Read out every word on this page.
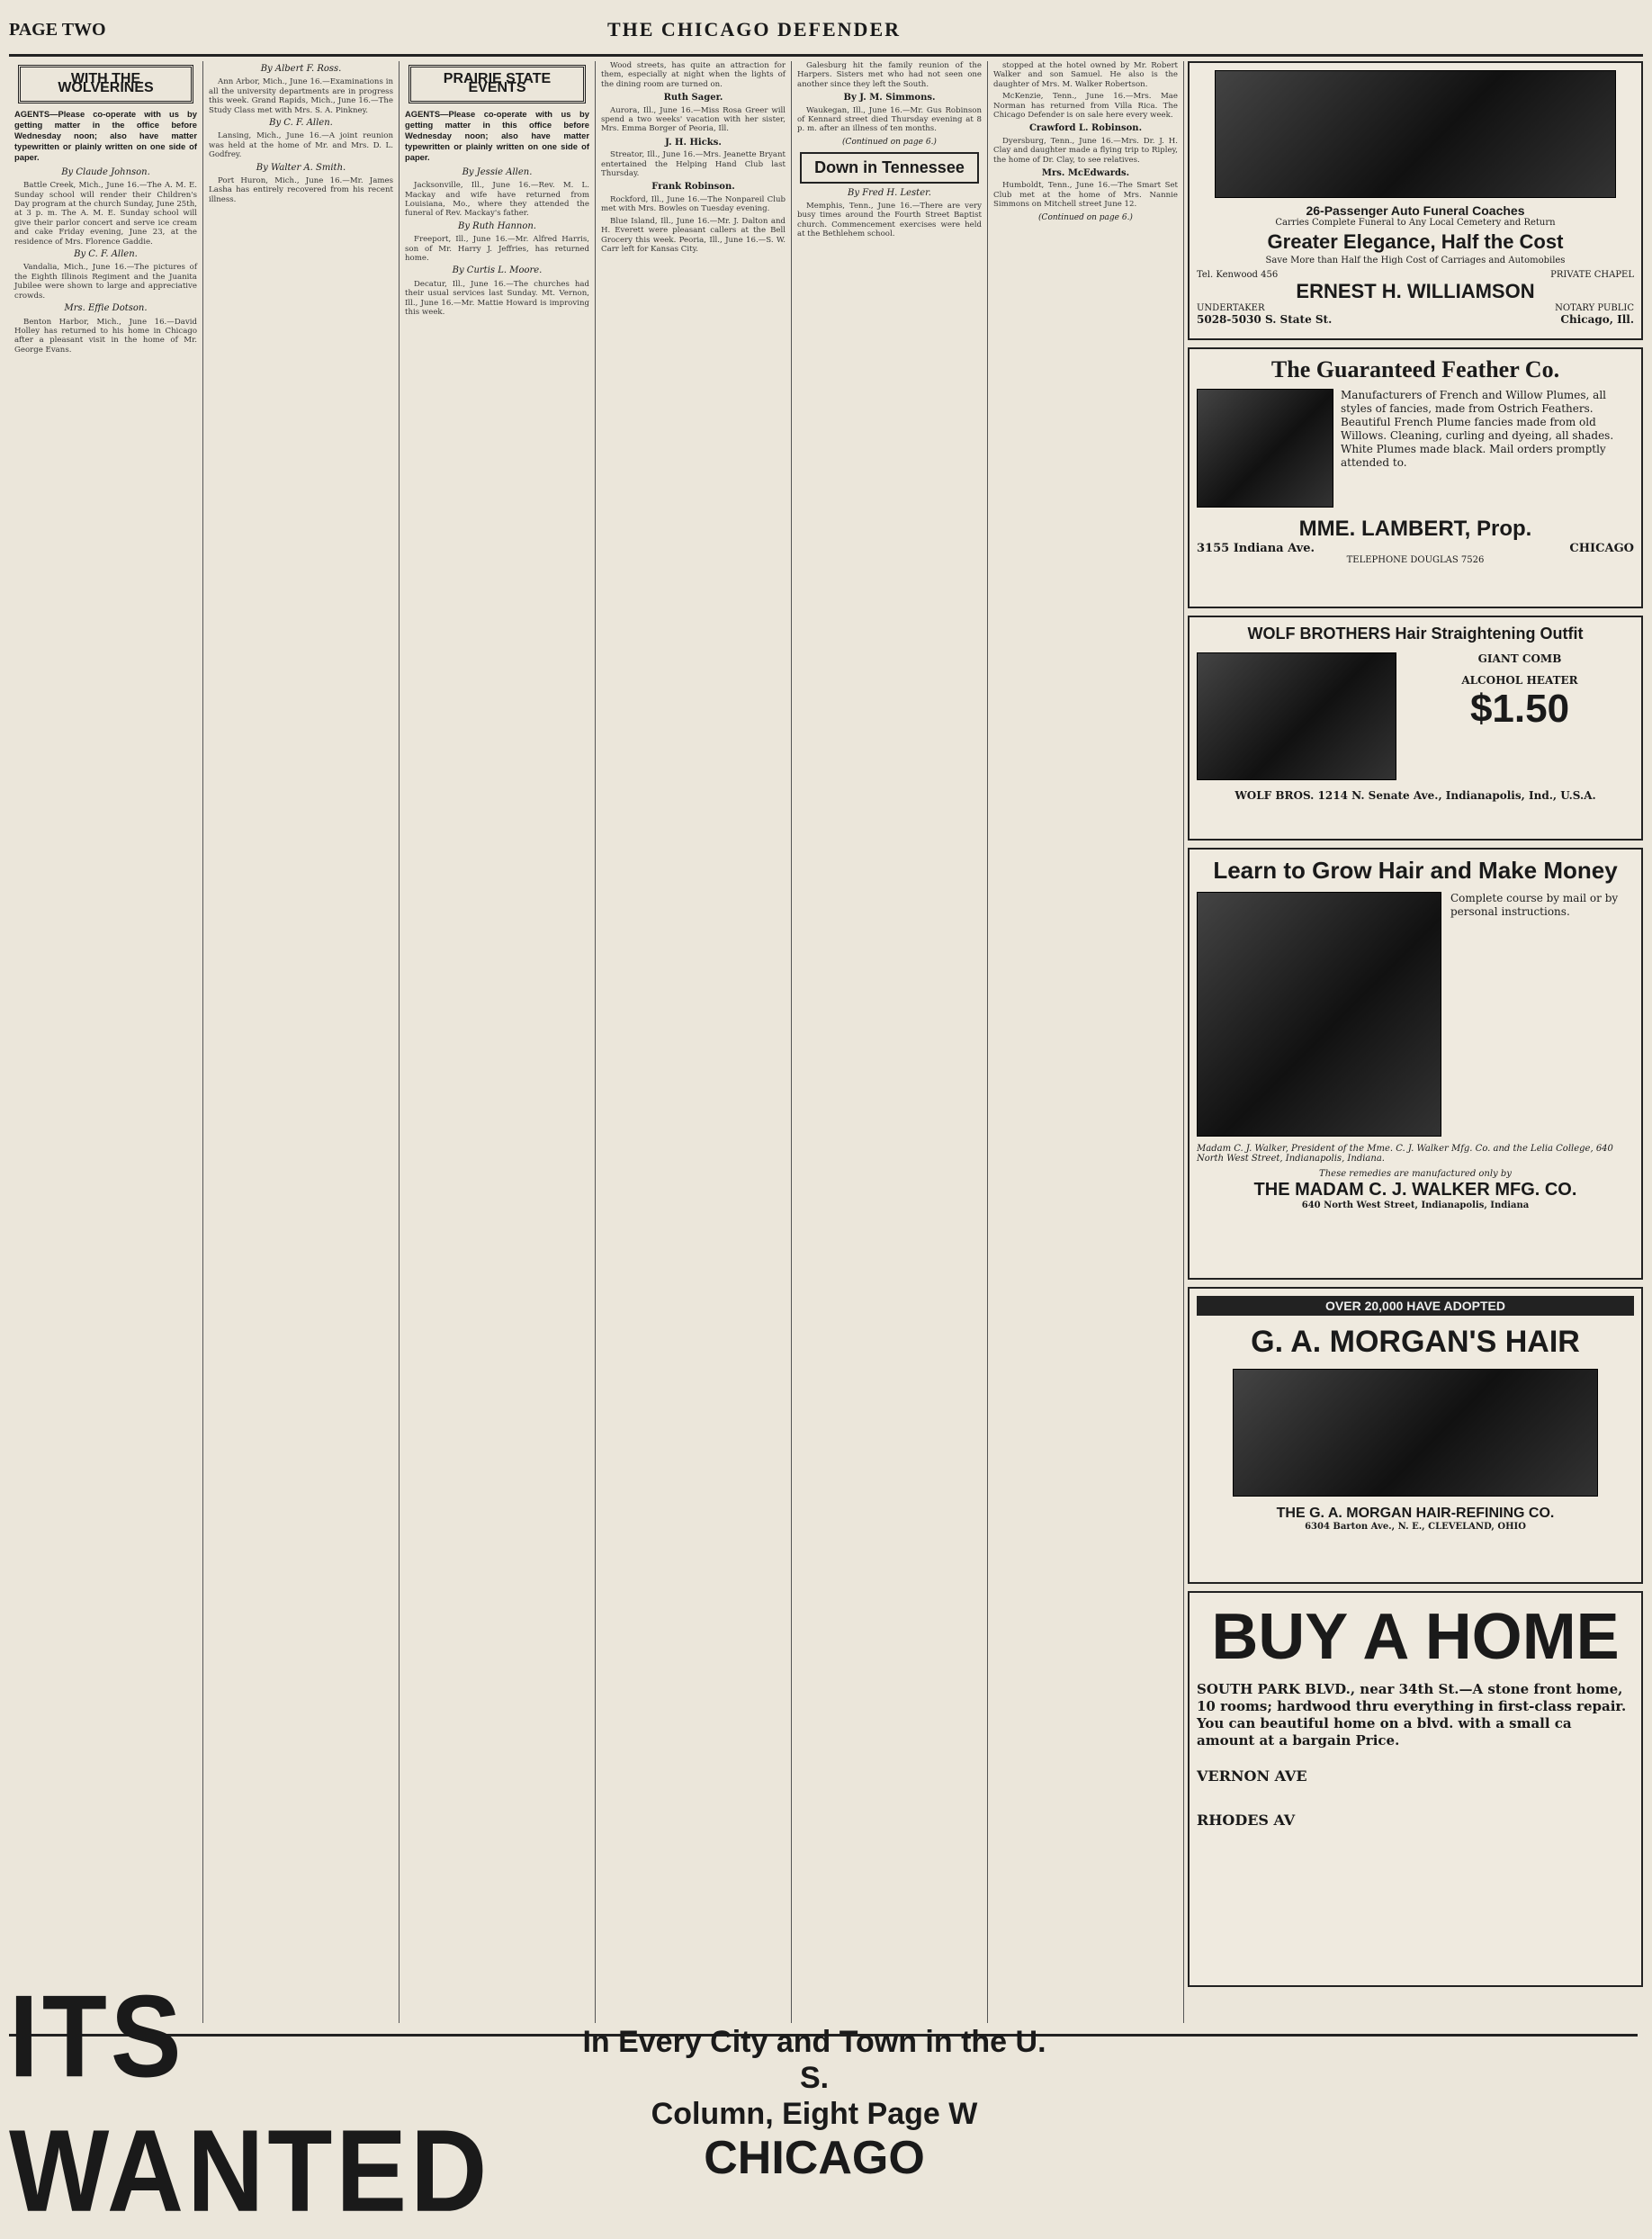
PAGE TWO	THE CHICAGO DEFENDER
WITH THE WOLVERINES
AGENTS—Please co-operate with us by getting matter in the office before Wednesday noon; also have matter typewritten or plainly written on one side of paper.
By Claude Johnson.

Battle Creek, Mich., June 16.—The A. M. E. Sunday school will render their Children's Day program at the church Sunday, June 25th, at 3 p. m. The A. M. E. Sunday school will give their parlor concert and serve ice cream and cake Friday evening, June 23, at the residence of Mrs. Florence Gaddie.

By C. F. Allen.

Vandalia, Mich., June 16.—The pictures of the Eighth Illinois Regiment and the Juanita Jubilee were shown to large and appreciative crowds.

Mrs. Effie Dotson.

Benton Harbor, Mich., June 16.—David Holley has returned to his home in Chicago after a pleasant visit in the home of Mr. George Evans.

By Albert F. Ross.

Ann Arbor, Mich., June 16.—Examinations in all the university departments are in progress this week. Grand Rapids, Mich., June 16.—The Study Class met with Mrs. S. A. Pinkney.

By C. F. Allen.

Lansing, Mich., June 16.—A joint reunion was held at the home of Mr. and Mrs. D. L. Godfrey.

By Walter A. Smith.

Port Huron, Mich., June 16.—Mr. James Lasha has entirely recovered from his recent illness.

PRAIRIE STATE EVENTS
AGENTS—Please co-operate with us by getting matter in this office before Wednesday noon; also have matter typewritten or plainly written on one side of paper.
By Jessie Allen.

Jacksonville, Ill., June 16.—Rev. M. L. Mackay and wife have returned from Louisiana, Mo., where they attended the funeral of Rev. Mackay's father.

By Ruth Hannon.

Freeport, Ill., June 16.—Mr. Alfred Harris, son of Mr. Harry J. Jeffries, has returned home.

By Curtis L. Moore.

Decatur, Ill., June 16.—The churches had their usual services last Sunday. Mt. Vernon, Ill., June 16.—Mr. Mattie Howard is improving this week.

Wood streets, has quite an attraction for them, especially at night when the lights of the dining room are turned on.

Ruth Sager.

Aurora, Ill., June 16.—Miss Rosa Greer will spend a two weeks' vacation with her sister, Mrs. Emma Borger of Peoria, Ill.

J. H. Hicks.

Streator, Ill., June 16.—Mrs. Jeanette Bryant entertained the Helping Hand Club last Thursday.

Frank Robinson.

Rockford, Ill., June 16.—The Nonpareil Club met with Mrs. Bowles on Tuesday evening.

Blue Island, Ill., June 16.—Mr. J. Dalton and H. Everett were pleasant callers at the Bell Grocery this week. Peoria, Ill., June 16.—S. W. Carr left for Kansas City.

Galesburg hit the family reunion of the Harpers. Sisters met who had not seen one another since they left the South.

By J. M. Simmons.

Waukegan, Ill., June 16.—Mr. Gus Robinson of Kennard street died Thursday evening at 8 p. m. after an illness of ten months.

(Continued on page 6.)
Down in Tennessee
By Fred H. Lester.

Memphis, Tenn., June 16.—There are very busy times around the Fourth Street Baptist church. Commencement exercises were held at the Bethlehem school.

stopped at the hotel owned by Mr. Robert Walker and son Samuel. He also is the daughter of Mrs. M. Walker Robertson.

McKenzie, Tenn., June 16.—Mrs. Mae Norman has returned from Villa Rica. The Chicago Defender is on sale here every week.

Crawford L. Robinson.

Dyersburg, Tenn., June 16.—Mrs. Dr. J. H. Clay and daughter made a flying trip to Ripley, the home of Dr. Clay, to see relatives.

Mrs. McEdwards.

Humboldt, Tenn., June 16.—The Smart Set Club met at the home of Mrs. Nannie Simmons on Mitchell street June 12.

(Continued on page 6.)	26-Passenger Auto Funeral Coaches
Carries Complete Funeral to Any Local Cemetery and Return
Greater Elegance, Half the Cost
Save More than Half the High Cost of Carriages and Automobiles
Tel. Kenwood 456	PRIVATE CHAPEL
ERNEST H. WILLIAMSON
UNDERTAKER	NOTARY PUBLIC
5028-5030 S. State St.	Chicago, Ill.
The Guaranteed Feather Co.
Manufacturers of French and Willow Plumes, all styles of fancies, made from Ostrich Feathers. Beautiful French Plume fancies made from old Willows. Cleaning, curling and dyeing, all shades. White Plumes made black. Mail orders promptly attended to.
MME. LAMBERT, Prop.
3155 Indiana Ave.	CHICAGO
TELEPHONE DOUGLAS 7526
WOLF BROTHERS Hair Straightening Outfit
GIANT COMB
ALCOHOL HEATER
$1.50
WOLF BROS. 1214 N. Senate Ave., Indianapolis, Ind., U.S.A.
Learn to Grow Hair and Make Money
Complete course by mail or by personal instructions.
Madam C. J. Walker, President of the Mme. C. J. Walker Mfg. Co. and the Lelia College, 640 North West Street, Indianapolis, Indiana.
These remedies are manufactured only by
THE MADAM C. J. WALKER MFG. CO.
640 North West Street, Indianapolis, Indiana
OVER 20,000 HAVE ADOPTED
G. A. MORGAN'S HAIR
THE G. A. MORGAN HAIR-REFINING CO.
6304 Barton Ave., N. E., CLEVELAND, OHIO
BUY A HOME
SOUTH PARK BLVD., near 34th St.—A stone front home, 10 rooms; hardwood thru everything in first-class repair. You can beautiful home on a blvd. with a small ca amount at a bargain Price.
VERNON AVE
RHODES AV
ITS WANTED
In Every City and Town in the U. S.
Column, Eight Page W
CHICAGO
